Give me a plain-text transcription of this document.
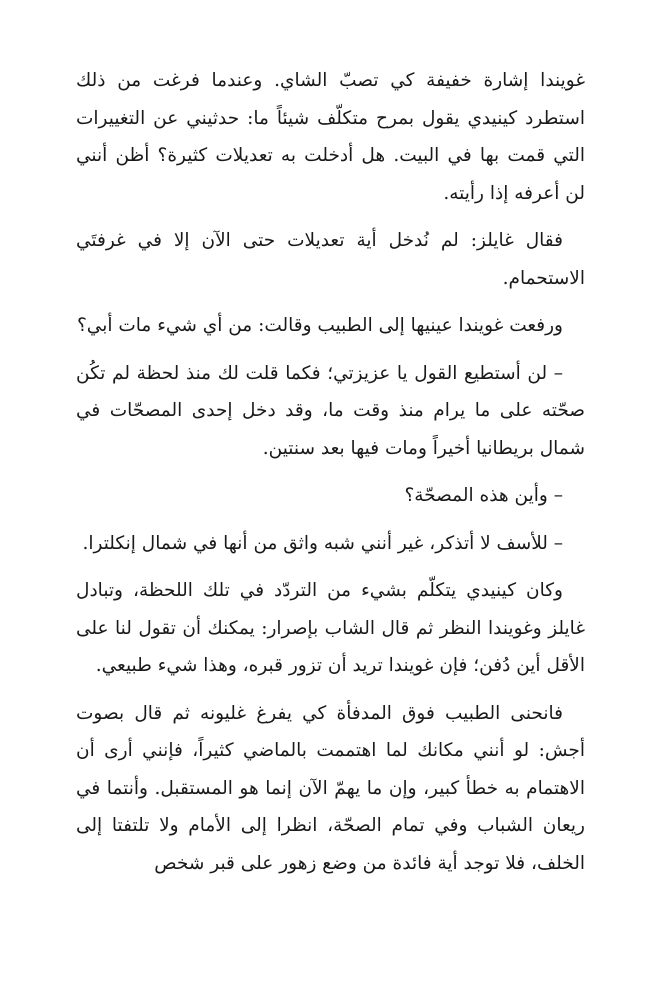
غويندا إشارة خفيفة كي تصبّ الشاي. وعندما فرغت من ذلك استطرد كينيدي يقول بمرح متكلّف شيئاً ما: حدثيني عن التغييرات التي قمت بها في البيت. هل أدخلت به تعديلات كثيرة؟ أظن أنني لن أعرفه إذا رأيته.

فقال غايلز: لم نُدخل أية تعديلات حتى الآن إلا في غرفتَي الاستحمام.

ورفعت غويندا عينيها إلى الطبيب وقالت: من أي شيء مات أبي؟

– لن أستطيع القول يا عزيزتي؛ فكما قلت لك منذ لحظة لم تكُن صحّته على ما يرام منذ وقت ما، وقد دخل إحدى المصحّات في شمال بريطانيا أخيراً ومات فيها بعد سنتين.

– وأين هذه المصحّة؟

– للأسف لا أتذكر، غير أنني شبه واثق من أنها في شمال إنكلترا.

وكان كينيدي يتكلّم بشيء من التردّد في تلك اللحظة، وتبادل غايلز وغويندا النظر ثم قال الشاب بإصرار: يمكنك أن تقول لنا على الأقل أين دُفن؛ فإن غويندا تريد أن تزور قبره، وهذا شيء طبيعي.

فانحنى الطبيب فوق المدفأة كي يفرغ غليونه ثم قال بصوت أجش: لو أنني مكانك لما اهتممت بالماضي كثيراً، فإنني أرى أن الاهتمام به خطأ كبير، وإن ما يهمّ الآن إنما هو المستقبل. وأنتما في ريعان الشباب وفي تمام الصحّة، انظرا إلى الأمام ولا تلتفتا إلى الخلف، فلا توجد أية فائدة من وضع زهور على قبر شخص
